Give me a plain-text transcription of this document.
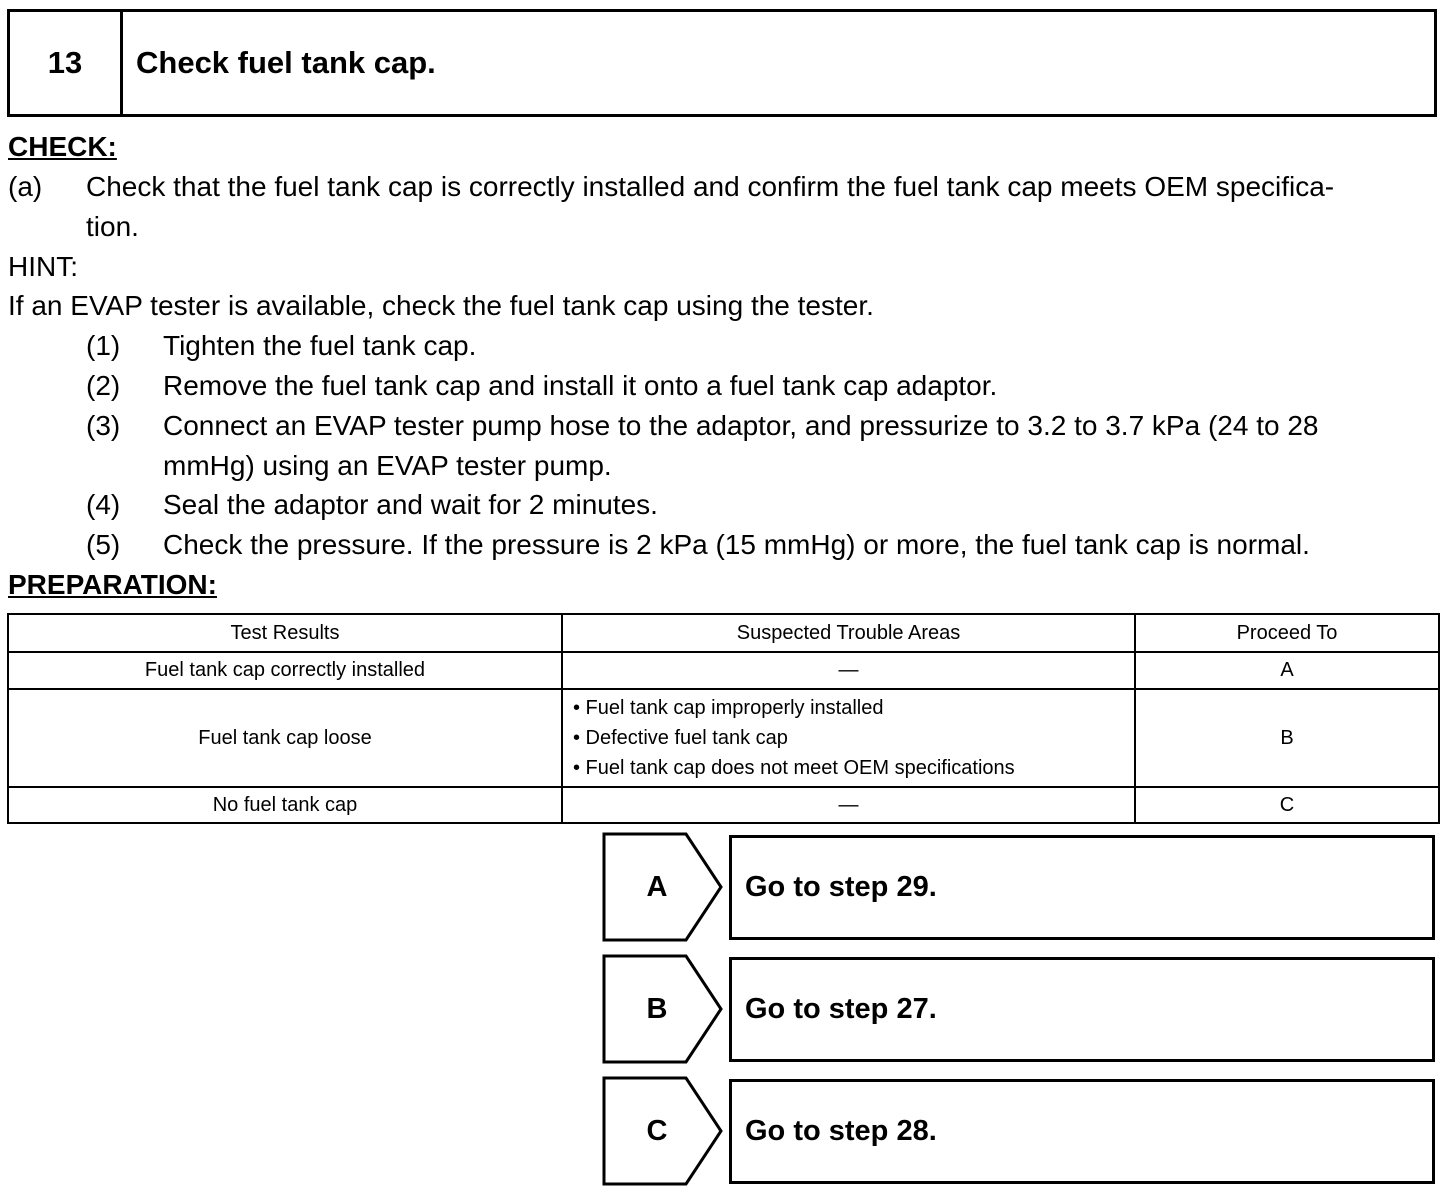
13	Check fuel tank cap.
CHECK:
(a) Check that the fuel tank cap is correctly installed and confirm the fuel tank cap meets OEM specifica-
tion.
HINT:
If an EVAP tester is available, check the fuel tank cap using the tester.
(1) Tighten the fuel tank cap.
(2) Remove the fuel tank cap and install it onto a fuel tank cap adaptor.
(3) Connect an EVAP tester pump hose to the adaptor, and pressurize to 3.2 to 3.7 kPa (24 to 28
mmHg) using an EVAP tester pump.
(4) Seal the adaptor and wait for 2 minutes.
(5) Check the pressure. If the pressure is 2 kPa (15 mmHg) or more, the fuel tank cap is normal.
PREPARATION:
Test Results	Suspected Trouble Areas	Proceed To
Fuel tank cap correctly installed	—	A
Fuel tank cap loose	• Fuel tank cap improperly installed
• Defective fuel tank cap
• Fuel tank cap does not meet OEM specifications	B
No fuel tank cap	—	C
A	Go to step 29.
B	Go to step 27.
C	Go to step 28.
